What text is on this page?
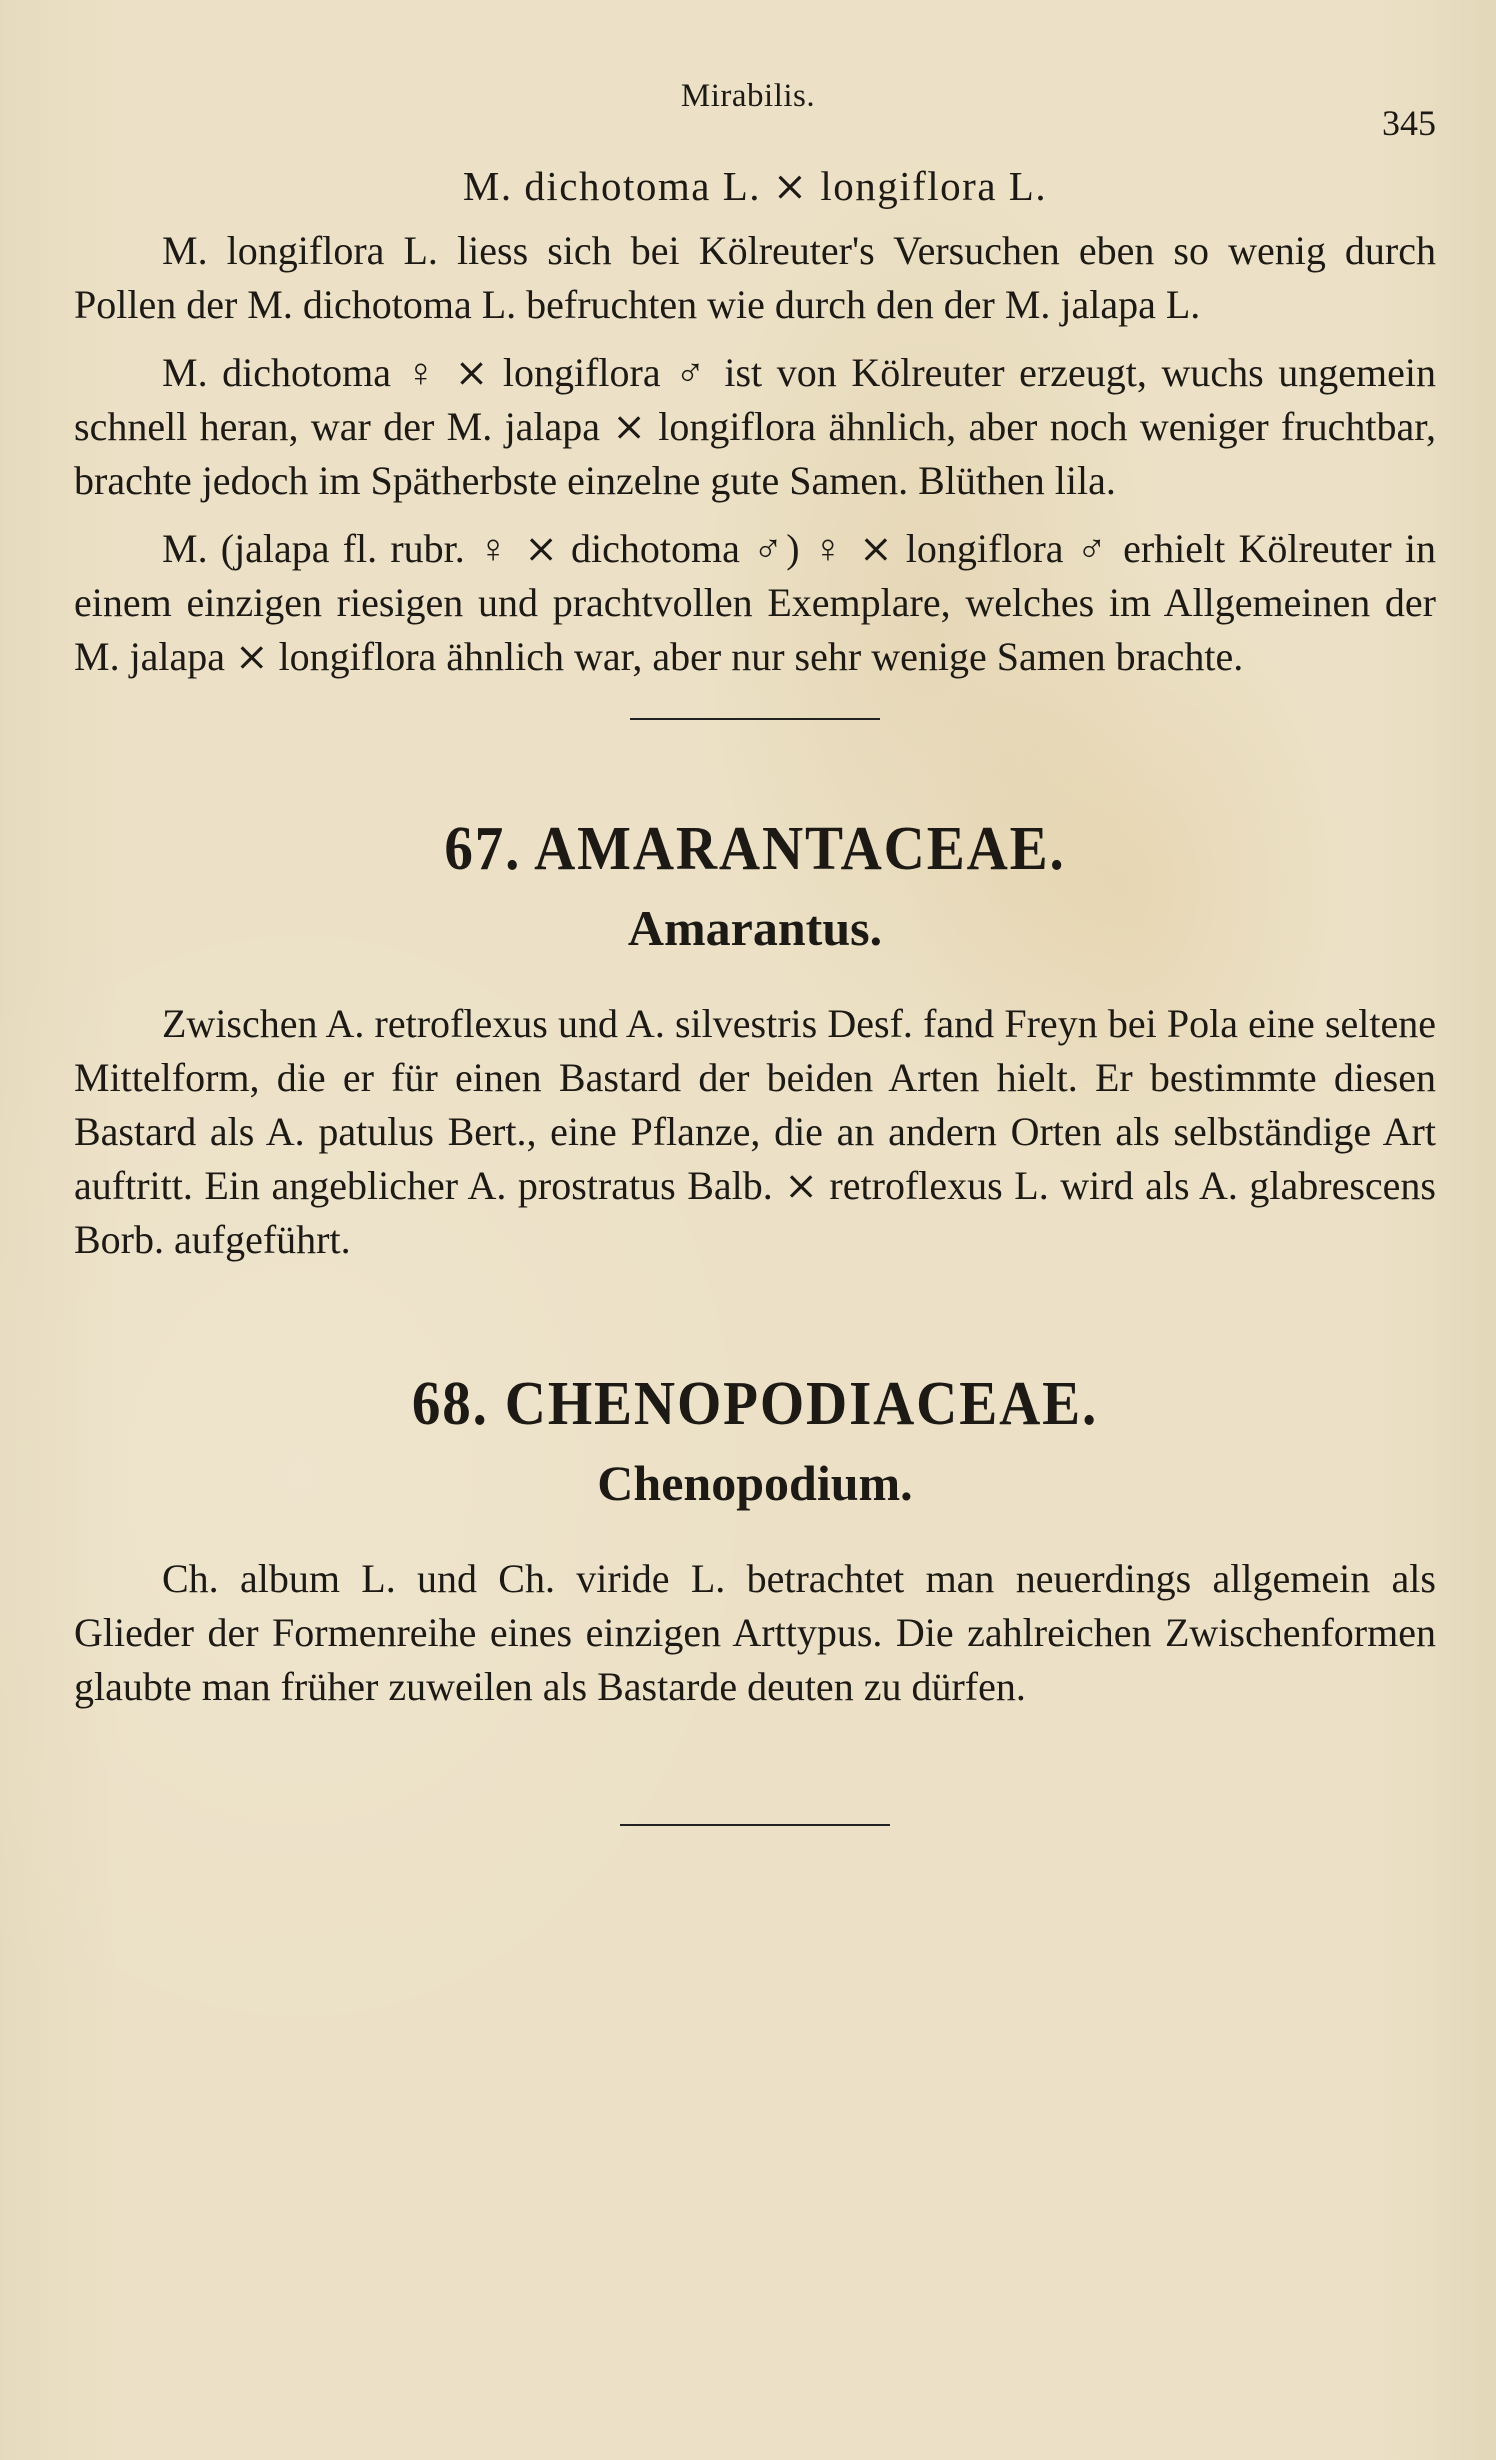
Mirabilis.
345
M. dichotoma L. ⨯ longiflora L.

M. longiflora L. liess sich bei Kölreuter's Versuchen eben so wenig durch Pollen der M. dichotoma L. befruchten wie durch den der M. jalapa L.

M. dichotoma ♀ ⨯ longiflora ♂ ist von Kölreuter erzeugt, wuchs ungemein schnell heran, war der M. jalapa ⨯ longiflora ähnlich, aber noch weniger fruchtbar, brachte jedoch im Spätherbste einzelne gute Samen. Blüthen lila.

M. (jalapa fl. rubr. ♀ ⨯ dichotoma ♂) ♀ ⨯ longiflora ♂ erhielt Kölreuter in einem einzigen riesigen und prachtvollen Exemplare, welches im Allgemeinen der M. jalapa ⨯ longiflora ähnlich war, aber nur sehr wenige Samen brachte.

67. AMARANTACEAE.
Amarantus.

Zwischen A. retroflexus und A. silvestris Desf. fand Freyn bei Pola eine seltene Mittelform, die er für einen Bastard der beiden Arten hielt. Er bestimmte diesen Bastard als A. patulus Bert., eine Pflanze, die an andern Orten als selbständige Art auftritt. Ein angeblicher A. prostratus Balb. ⨯ retroflexus L. wird als A. glabrescens Borb. aufgeführt.

68. CHENOPODIACEAE.
Chenopodium.

Ch. album L. und Ch. viride L. betrachtet man neuerdings allgemein als Glieder der Formenreihe eines einzigen Arttypus. Die zahlreichen Zwischenformen glaubte man früher zuweilen als Bastarde deuten zu dürfen.
